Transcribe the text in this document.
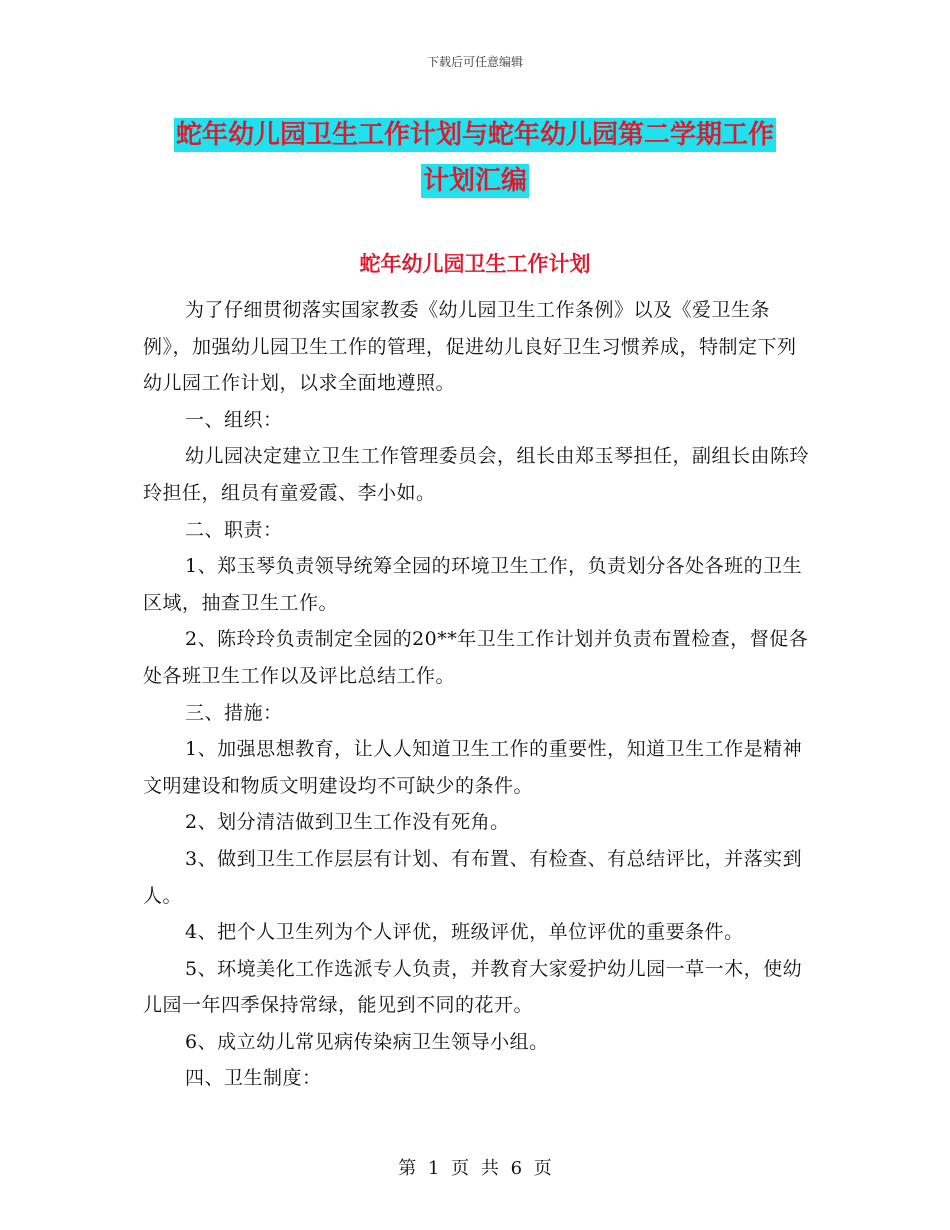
下载后可任意编辑
蛇年幼儿园卫生工作计划与蛇年幼儿园第二学期工作
计划汇编
蛇年幼儿园卫生工作计划

为了仔细贯彻落实国家教委《幼儿园卫生工作条例》以及《爱卫生条例》，加强幼儿园卫生工作的管理，促进幼儿良好卫生习惯养成，特制定下列幼儿园工作计划，以求全面地遵照。

一、组织：

幼儿园决定建立卫生工作管理委员会，组长由郑玉琴担任，副组长由陈玲玲担任，组员有童爱霞、李小如。

二、职责：

1、郑玉琴负责领导统筹全园的环境卫生工作，负责划分各处各班的卫生区域，抽查卫生工作。

2、陈玲玲负责制定全园的20**年卫生工作计划并负责布置检查，督促各处各班卫生工作以及评比总结工作。

三、措施：

1、加强思想教育，让人人知道卫生工作的重要性，知道卫生工作是精神文明建设和物质文明建设均不可缺少的条件。

2、划分清洁做到卫生工作没有死角。

3、做到卫生工作层层有计划、有布置、有检查、有总结评比，并落实到人。

4、把个人卫生列为个人评优，班级评优，单位评优的重要条件。

5、环境美化工作选派专人负责，并教育大家爱护幼儿园一草一木，使幼儿园一年四季保持常绿，能见到不同的花开。

6、成立幼儿常见病传染病卫生领导小组。

四、卫生制度：

第 1 页 共 6 页
